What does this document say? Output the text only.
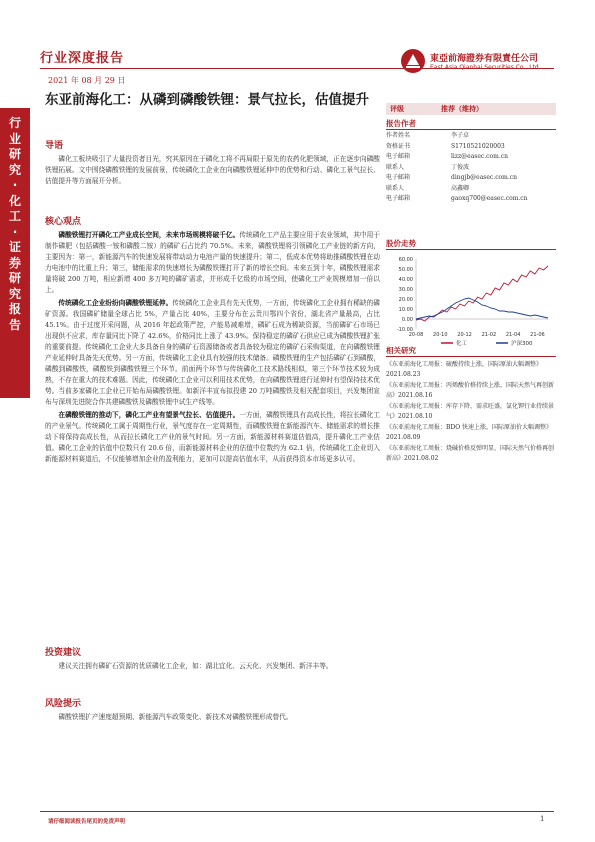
行业深度报告
2021 年 08 月 29 日
東亞前海證券有限責任公司
East Asia Qianhai Securities Co., Ltd.
行业研究·化工·证券研究报告
东亚前海化工：从磷到磷酸铁锂：景气拉长，估值提升
导语

磷化工板块吸引了大量投资者目光，究其原因在于磷化工将不再局限于原先的农药化肥领域，正在逐步向磷酸铁锂拓展。文中围绕磷酸铁锂的发展前景，传统磷化工企业在向磷酸铁锂延伸中的优势和行动、磷化工景气拉长、估值提升等方面展开分析。

核心观点

磷酸铁锂打开磷化工产业成长空间，未来市场规模将破千亿。传统磷化工产品主要应用于农业领域，其中用于制作磷肥（包括磷酸一铵和磷酸二铵）的磷矿石占比约 70.5%。未来，磷酸铁锂将引领磷化工产业链的新方向，主要因为：第一，新能源汽车的快速发展将带动动力电池产量的快速提升；第二，低成本优势将助推磷酸铁锂在动力电池中的比重上升；第三，储能需求的快速增长为磷酸铁锂打开了新的增长空间。未来五到十年，磷酸铁锂需求量将破 200 万吨，相应新增 400 多万吨的磷矿需求，并形成千亿级的市场空间，使磷化工产业规模增加一倍以上。

传统磷化工企业纷纷向磷酸铁锂延伸。传统磷化工企业具有先天优势，一方面，传统磷化工企业拥有稀缺的磷矿资源。我国磷矿储量全球占比 5%，产量占比 40%，主要分布在云贵川鄂四个省份，湖北省产量最高，占比 45.1%。由于过度开采问题，从 2016 年起政策严控，产能易减难增，磷矿石成为稀缺资源，当前磷矿石市场已出现供不应求，库存量同比下降了 42.6%，价格同比上涨了 43.9%。保持稳定的磷矿石供应已成为磷酸铁锂扩张的重要前提。传统磷化工企业大多具备自身的磷矿石资源储备或者具备较为稳定的磷矿石采购渠道，在向磷酸铁锂产业延伸时具备先天优势。另一方面，传统磷化工企业具有较强的技术储备。磷酸铁锂的生产包括磷矿石到磷酸，磷酸到磷酸铁，磷酸铁到磷酸铁锂三个环节。前面两个环节与传统磷化工技术路线相似，第三个环节技术较为成熟，不存在重大的技术难题。因此，传统磷化工企业可以利用技术优势，在向磷酸铁锂进行延伸时有望保持技术优势。当前多家磷化工企业已开始布局磷酸铁锂。如新洋丰宣布拟投建 20 万吨磷酸铁及相关配套项目，兴发集团宣布与深圳先进院合作共建磷酸铁及磷酸铁锂中试生产线等。

在磷酸铁锂的推动下，磷化工产业有望景气拉长、估值提升。一方面，磷酸铁锂具有高成长性，将拉长磷化工的产业景气。传统磷化工属于周期性行业，景气度存在一定周期性，而磷酸铁锂在新能源汽车、储能需求的增长推动下将保持高成长性，从而拉长磷化工产业的景气时间。另一方面，新能源材料赛道估值高，提升磷化工产业估值。磷化工企业的估值中位数只有 20.6 倍，而新能源材料企业的估值中位数约为 62.1 倍，传统磷化工企业切入新能源材料赛道后，不仅能够增加企业的盈利能力，更加可以提高估值水平，从而获得资本市场更多认可。

投资建议

建议关注拥有磷矿石资源的优质磷化工企业，如：湖北宜化、云天化、兴发集团、新洋丰等。

风险提示

磷酸铁锂扩产速度超预期、新能源汽车政策变化、新技术对磷酸铁锂形成替代。

评级	推荐（维持）
报告作者
作者姓名	李子卓
资格证书	S1710521020003
电子邮箱	lizz@easec.com.cn
联系人	丁俊波
电子邮箱	dingjb@easec.com.cn
联系人	高鑫卿
电子邮箱	gaoxq700@easec.com.cn
股价走势
60.00
50.00
40.00
30.00
20.00
10.00
0.00
-10.00
20-08 20-10 20-12 21-02 21-04 21-06
化工	沪深300
相关研究

《东亚前海化工周报：硫酸持续上涨，国际原油大幅调整》2021.08.23

《东亚前海化工周报：丙烯酸价格持续上涨，国际天然气再创新高》2021.08.16

《东亚前海化工周报：库存下降，需求旺盛，氯化钾行业持续景气》2021.08.10

《东亚前海化工周报：BDO 快速上涨，国际原油价大幅调整》2021.08.09

《东亚前海化工周报：烧碱价格反弹明显，国际天然气价格再创新高》2021.08.02

请仔细阅读报告尾页的免责声明	1
